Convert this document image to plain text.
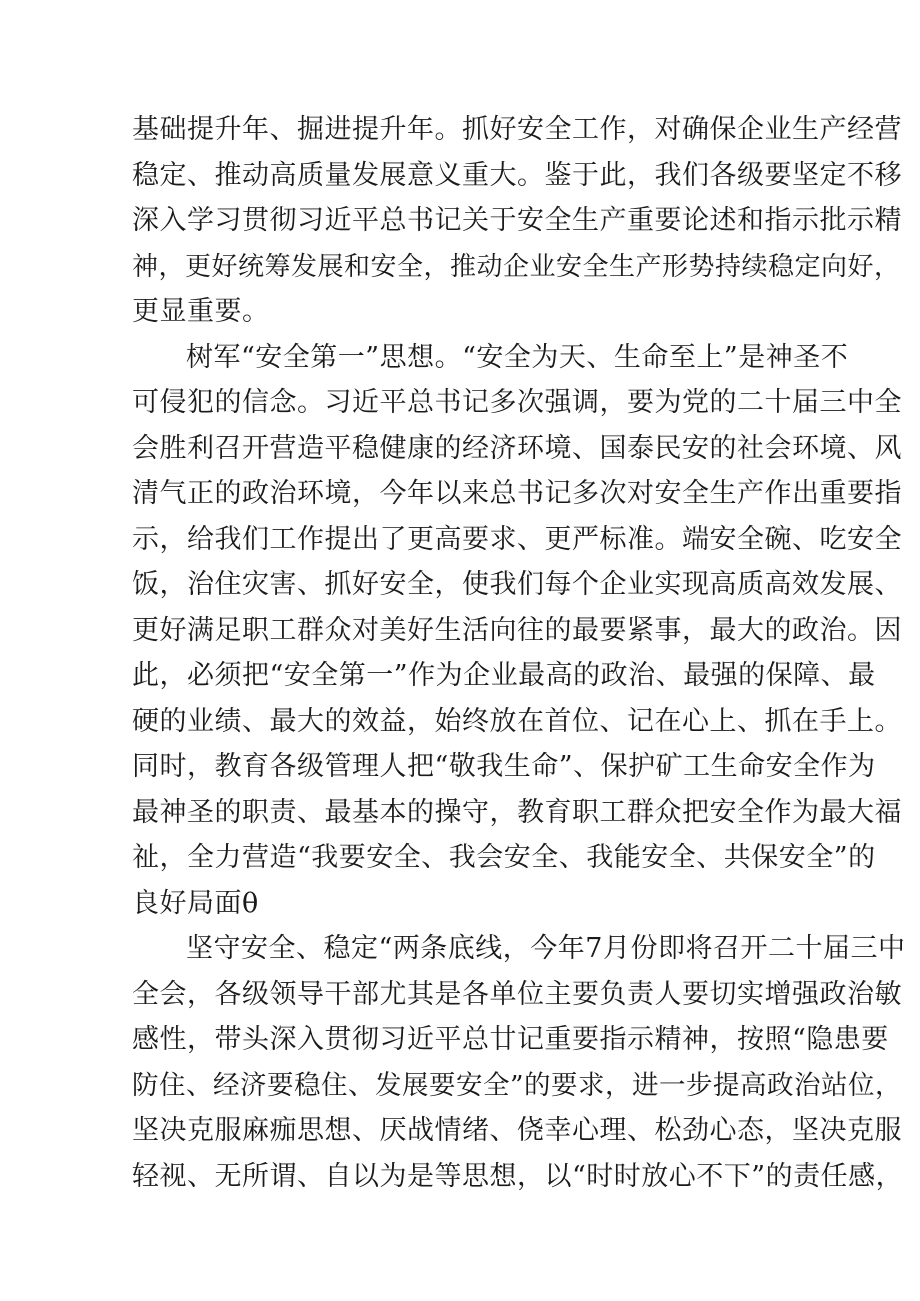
基础提升年、掘进提升年。抓好安全工作，对确保企业生产经营
稳定、推动高质量发展意义重大。鉴于此，我们各级要坚定不移
深入学习贯彻习近平总书记关于安全生产重要论述和指示批示精
神，更好统筹发展和安全，推动企业安全生产形势持续稳定向好，
更显重要。
树军“安全第一”思想。“安全为天、生命至上”是神圣不
可侵犯的信念。习近平总书记多次强调，要为党的二十届三中全
会胜利召开营造平稳健康的经济环境、国泰民安的社会环境、风
清气正的政治环境，今年以来总书记多次对安全生产作出重要指
示，给我们工作提出了更高要求、更严标准。端安全碗、吃安全
饭，治住灾害、抓好安全，使我们每个企业实现高质高效发展、
更好满足职工群众对美好生活向往的最要紧事，最大的政治。因
此，必须把“安全第一”作为企业最高的政治、最强的保障、最
硬的业绩、最大的效益，始终放在首位、记在心上、抓在手上。
同时，教育各级管理人把“敬我生命”、保护矿工生命安全作为
最神圣的职责、最基本的操守，教育职工群众把安全作为最大福
祉，全力营造“我要安全、我会安全、我能安全、共保安全”的
良好局面θ
坚守安全、稳定“两条底线，今年7月份即将召开二十届三中
全会，各级领导干部尤其是各单位主要负责人要切实增强政治敏
感性，带头深入贯彻习近平总廿记重要指示精神，按照“隐患要
防住、经济要稳住、发展要安全”的要求，进一步提高政治站位，
坚决克服麻痂思想、厌战情绪、侥幸心理、松劲心态，坚决克服
轻视、无所谓、自以为是等思想，以“时时放心不下”的责任感，
